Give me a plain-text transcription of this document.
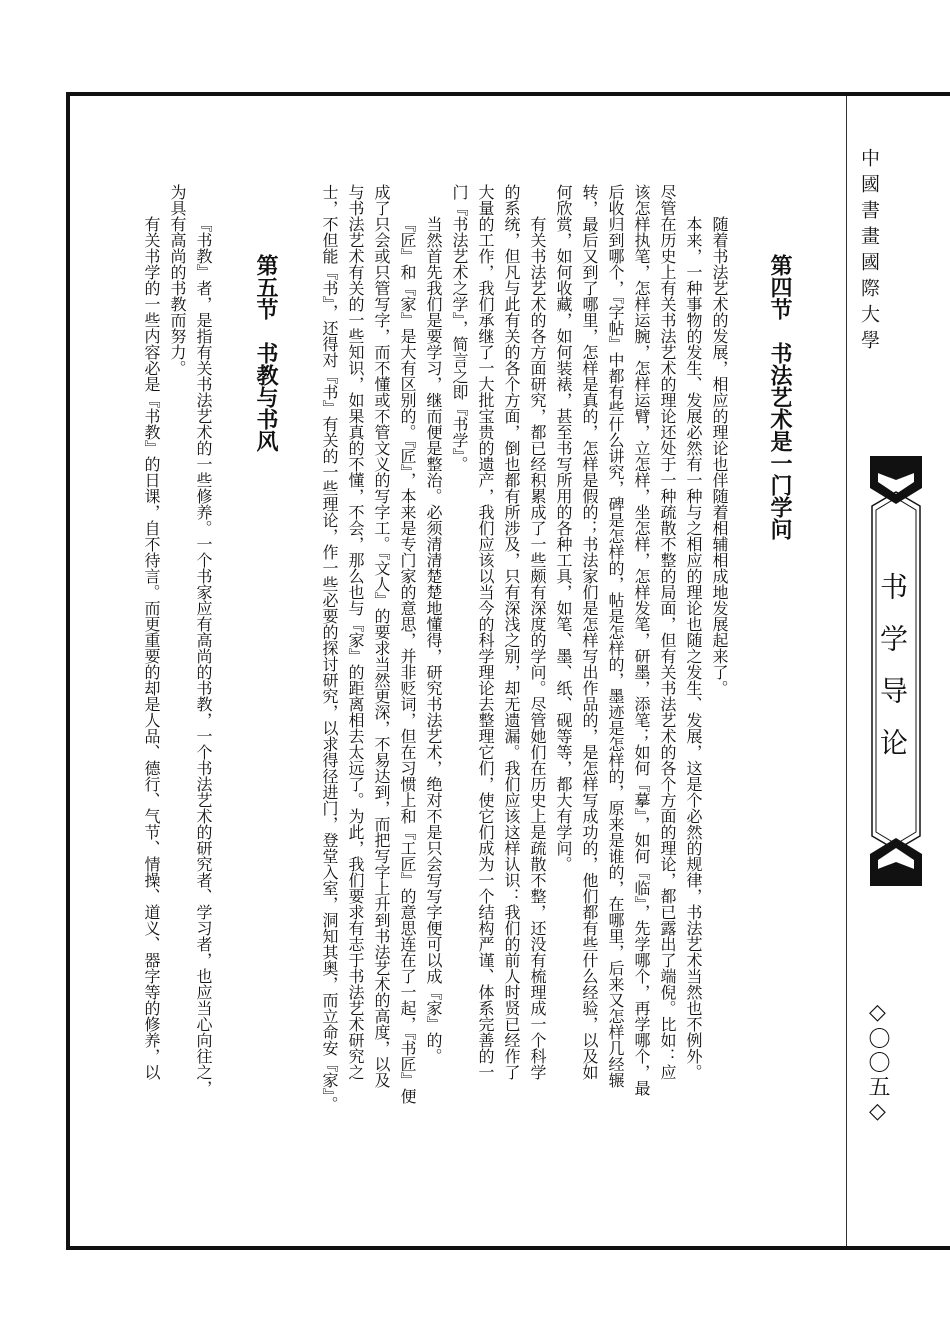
中國書畫國際大學
书学导论
◇〇〇五◇
第四节　书法艺术是一门学问
随着书法艺术的发展，相应的理论也伴随着相辅相成地发展起来了。
本来，一种事物的发生、发展必然有一种与之相应的理论也随之发生、发展，这是个必然的规律，书法艺术当然也不例外。
尽管在历史上有关书法艺术的理论还处于一种疏散不整的局面，但有关书法艺术的各个方面的理论，都已露出了端倪。比如：应
该怎样执笔，怎样运腕，怎样运臂，立怎样，坐怎样，怎样发笔，研墨，添笔；如何『摹』，如何『临』，先学哪个，再学哪个，最
后收归到哪个，『字帖』中都有些什么讲究，碑是怎样的，帖是怎样的，墨迹是怎样的，原来是谁的，在哪里，后来又怎样几经辗
转，最后又到了哪里，怎样是真的，怎样是假的；书法家们是怎样写出作品的，是怎样写成功的，他们都有些什么经验，以及如
何欣赏，如何收藏，如何装裱，甚至书写所用的各种工具，如笔、墨、纸、砚等等，都大有学问。
有关书法艺术的各方面研究，都已经积累成了一些颇有深度的学问。尽管她们在历史上是疏散不整，还没有梳理成一个科学
的系统，但凡与此有关的各个方面，倒也都有所涉及，只有深浅之别，却无遗漏。我们应该这样认识：我们的前人时贤已经作了
大量的工作，我们承继了一大批宝贵的遗产，我们应该以当今的科学理论去整理它们，使它们成为一个结构严谨、体系完善的一
门『书法艺术之学』，简言之即『书学』。
当然首先我们是要学习，继而便是整治。必须清清楚楚地懂得，研究书法艺术，绝对不是只会写写字便可以成『家』的。
『匠』和『家』是大有区别的。『匠』，本来是专门家的意思，并非贬词，但在习惯上和『工匠』的意思连在了一起，『书匠』便
成了只会或只管写字，而不懂或不管文义的写字工。『文人』的要求当然更深，不易达到，而把写字上升到书法艺术的高度，以及
与书法艺术有关的一些知识，如果真的不懂，不会，那么也与『家』的距离相去太远了。为此，我们要求有志于书法艺术研究之
士，不但能『书』，还得对『书』有关的一些理论，作一些必要的探讨研究，以求得径进门，登堂入室，洞知其奥，而立命安『家』。
第五节　书教与书风
『书教』者，是指有关书法艺术的一些修养。一个书家应有高尚的书教，一个书法艺术的研究者、学习者，也应当心向往之，
为具有高尚的书教而努力。
有关书学的一些内容必是『书教』的日课，自不待言。而更重要的却是人品、德行、气节、情操、道义、器字等的修养，以
